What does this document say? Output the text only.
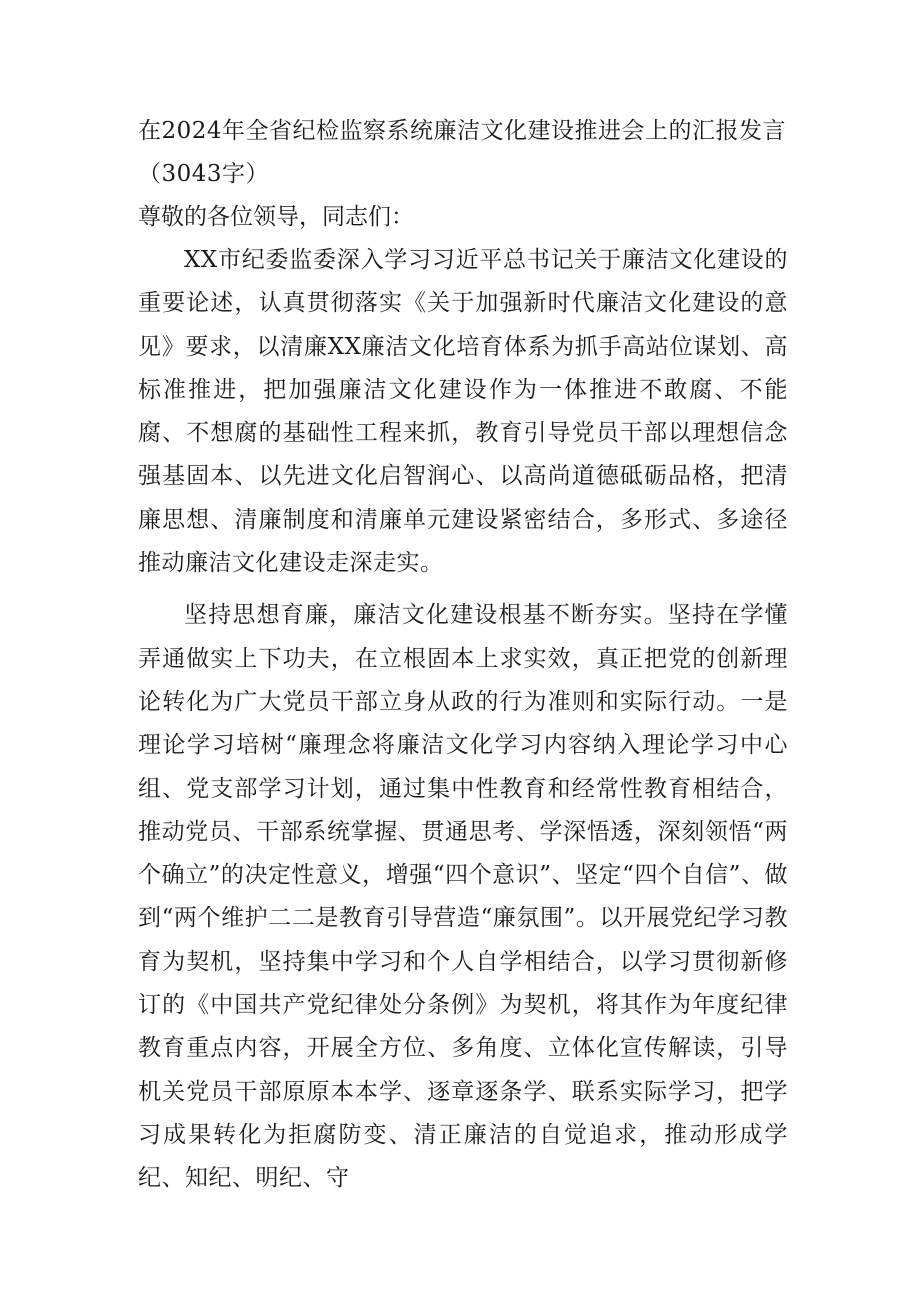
在2024年全省纪检监察系统廉洁文化建设推进会上的汇报发言（3043字）

尊敬的各位领导，同志们：

XX市纪委监委深入学习习近平总书记关于廉洁文化建设的重要论述，认真贯彻落实《关于加强新时代廉洁文化建设的意见》要求，以清廉XX廉洁文化培育体系为抓手高站位谋划、高标准推进，把加强廉洁文化建设作为一体推进不敢腐、不能腐、不想腐的基础性工程来抓，教育引导党员干部以理想信念强基固本、以先进文化启智润心、以高尚道德砥砺品格，把清廉思想、清廉制度和清廉单元建设紧密结合，多形式、多途径推动廉洁文化建设走深走实。

坚持思想育廉，廉洁文化建设根基不断夯实。坚持在学懂弄通做实上下功夫，在立根固本上求实效，真正把党的创新理论转化为广大党员干部立身从政的行为准则和实际行动。一是理论学习培树“廉理念将廉洁文化学习内容纳入理论学习中心组、党支部学习计划，通过集中性教育和经常性教育相结合，推动党员、干部系统掌握、贯通思考、学深悟透，深刻领悟“两个确立”的决定性意义，增强“四个意识”、坚定“四个自信”、做到“两个维护二二是教育引导营造“廉氛围”。以开展党纪学习教育为契机，坚持集中学习和个人自学相结合，以学习贯彻新修订的《中国共产党纪律处分条例》为契机，将其作为年度纪律教育重点内容，开展全方位、多角度、立体化宣传解读，引导机关党员干部原原本本学、逐章逐条学、联系实际学习，把学习成果转化为拒腐防变、清正廉洁的自觉追求，推动形成学纪、知纪、明纪、守
